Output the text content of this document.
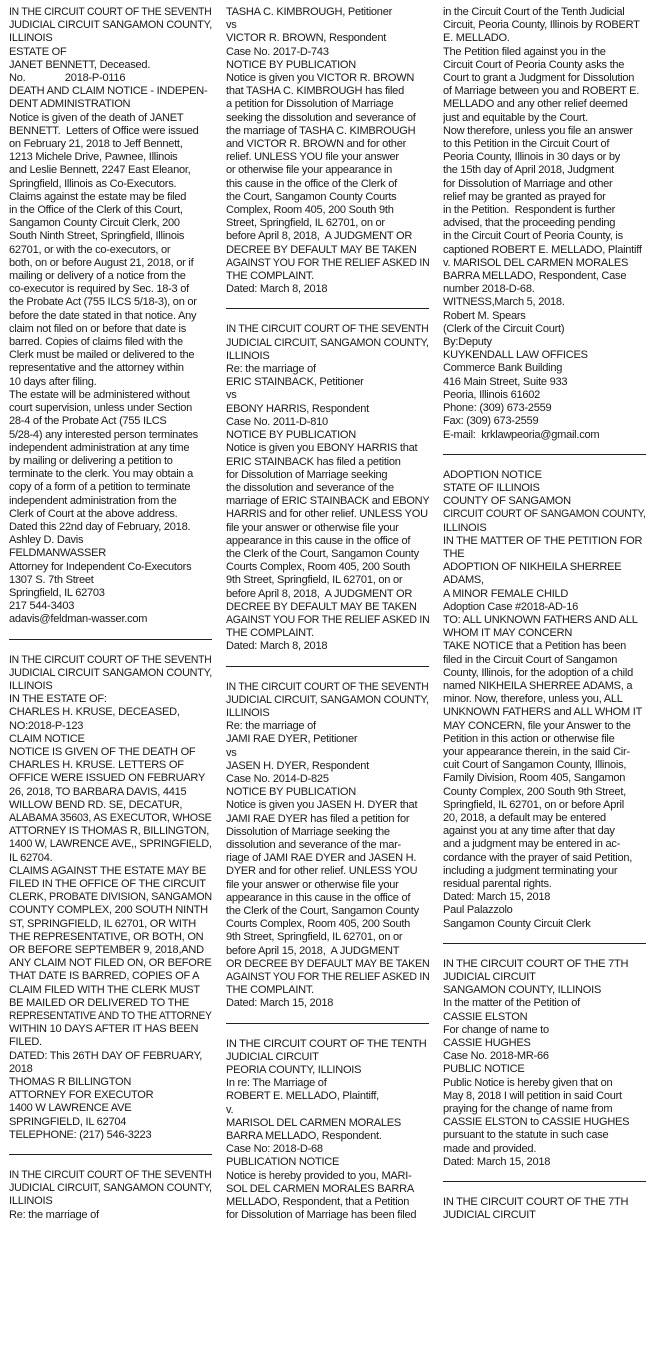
IN THE CIRCUIT COURT OF THE SEVENTH
JUDICIAL CIRCUIT SANGAMON COUNTY,
ILLINOIS
ESTATE OF
JANET BENNETT, Deceased.
No.              2018-P-0116
DEATH AND CLAIM NOTICE - INDEPEN-
DENT ADMINISTRATION
Notice is given of the death of JANET
BENNETT.  Letters of Office were issued
on February 21, 2018 to Jeff Bennett,
1213 Michele Drive, Pawnee, Illinois
and Leslie Bennett, 2247 East Eleanor,
Springfield, Illinois as Co-Executors.
Claims against the estate may be filed
in the Office of the Clerk of this Court,
Sangamon County Circuit Clerk, 200
South Ninth Street, Springfield, Illinois
62701, or with the co-executors, or
both, on or before August 21, 2018, or if
mailing or delivery of a notice from the
co-executor is required by Sec. 18-3 of
the Probate Act (755 ILCS 5/18-3), on or
before the date stated in that notice. Any
claim not filed on or before that date is
barred. Copies of claims filed with the
Clerk must be mailed or delivered to the
representative and the attorney within
10 days after filing.
The estate will be administered without
court supervision, unless under Section
28-4 of the Probate Act (755 ILCS
5/28-4) any interested person terminates
independent administration at any time
by mailing or delivering a petition to
terminate to the clerk. You may obtain a
copy of a form of a petition to terminate
independent administration from the
Clerk of Court at the above address.
Dated this 22nd day of February, 2018.
Ashley D. Davis
FELDMANWASSER
Attorney for Independent Co-Executors
1307 S. 7th Street
Springfield, IL 62703
217 544-3403
adavis@feldman-wasser.com
IN THE CIRCUIT COURT OF THE SEVENTH
JUDICIAL CIRCUIT SANGAMON COUNTY,
ILLINOIS
IN THE ESTATE OF:
CHARLES H. KRUSE, DECEASED,
NO:2018-P-123
CLAIM NOTICE
NOTICE IS GIVEN OF THE DEATH OF
CHARLES H. KRUSE. LETTERS OF
OFFICE WERE ISSUED ON FEBRUARY
26, 2018, TO BARBARA DAVIS, 4415
WILLOW BEND RD. SE, DECATUR,
ALABAMA 35603, AS EXECUTOR, WHOSE
ATTORNEY IS THOMAS R, BILLINGTON,
1400 W, LAWRENCE AVE,, SPRINGFIELD,
IL 62704.
CLAIMS AGAINST THE ESTATE MAY BE
FILED IN THE OFFICE OF THE CIRCUIT
CLERK, PROBATE DIVISION, SANGAMON
COUNTY COMPLEX, 200 SOUTH NINTH
ST, SPRINGFIELD, IL 62701, OR WITH
THE REPRESENTATIVE, OR BOTH, ON
OR BEFORE SEPTEMBER 9, 2018,AND
ANY CLAIM NOT FILED ON, OR BEFORE
THAT DATE IS BARRED, COPIES OF A
CLAIM FILED WITH THE CLERK MUST
BE MAILED OR DELIVERED TO THE
REPRESENTATIVE AND TO THE ATTORNEY
WITHIN 10 DAYS AFTER IT HAS BEEN
FILED.
DATED: This 26TH DAY OF FEBRUARY,
2018
THOMAS R BILLINGTON
ATTORNEY FOR EXECUTOR
1400 W LAWRENCE AVE
SPRINGFIELD, IL 62704
TELEPHONE: (217) 546-3223
IN THE CIRCUIT COURT OF THE SEVENTH
JUDICIAL CIRCUIT, SANGAMON COUNTY,
ILLINOIS
Re: the marriage of
TASHA C. KIMBROUGH, Petitioner
vs
VICTOR R. BROWN, Respondent
Case No. 2017-D-743
NOTICE BY PUBLICATION
Notice is given you VICTOR R. BROWN
that TASHA C. KIMBROUGH has filed
a petition for Dissolution of Marriage
seeking the dissolution and severance of
the marriage of TASHA C. KIMBROUGH
and VICTOR R. BROWN and for other
relief. UNLESS YOU file your answer
or otherwise file your appearance in
this cause in the office of the Clerk of
the Court, Sangamon County Courts
Complex, Room 405, 200 South 9th
Street, Springfield, IL 62701, on or
before April 8, 2018,  A JUDGMENT OR
DECREE BY DEFAULT MAY BE TAKEN
AGAINST YOU FOR THE RELIEF ASKED IN
THE COMPLAINT.
Dated: March 8, 2018
IN THE CIRCUIT COURT OF THE SEVENTH
JUDICIAL CIRCUIT, SANGAMON COUNTY,
ILLINOIS
Re: the marriage of
ERIC STAINBACK, Petitioner
vs
EBONY HARRIS, Respondent
Case No. 2011-D-810
NOTICE BY PUBLICATION
Notice is given you EBONY HARRIS that
ERIC STAINBACK has filed a petition
for Dissolution of Marriage seeking
the dissolution and severance of the
marriage of ERIC STAINBACK and EBONY
HARRIS and for other relief. UNLESS YOU
file your answer or otherwise file your
appearance in this cause in the office of
the Clerk of the Court, Sangamon County
Courts Complex, Room 405, 200 South
9th Street, Springfield, IL 62701, on or
before April 8, 2018,  A JUDGMENT OR
DECREE BY DEFAULT MAY BE TAKEN
AGAINST YOU FOR THE RELIEF ASKED IN
THE COMPLAINT.
Dated: March 8, 2018
IN THE CIRCUIT COURT OF THE SEVENTH
JUDICIAL CIRCUIT, SANGAMON COUNTY,
ILLINOIS
Re: the marriage of
JAMI RAE DYER, Petitioner
vs
JASEN H. DYER, Respondent
Case No. 2014-D-825
NOTICE BY PUBLICATION
Notice is given you JASEN H. DYER that
JAMI RAE DYER has filed a petition for
Dissolution of Marriage seeking the
dissolution and severance of the mar-
riage of JAMI RAE DYER and JASEN H.
DYER and for other relief. UNLESS YOU
file your answer or otherwise file your
appearance in this cause in the office of
the Clerk of the Court, Sangamon County
Courts Complex, Room 405, 200 South
9th Street, Springfield, IL 62701, on or
before April 15, 2018,  A JUDGMENT
OR DECREE BY DEFAULT MAY BE TAKEN
AGAINST YOU FOR THE RELIEF ASKED IN
THE COMPLAINT.
Dated: March 15, 2018
IN THE CIRCUIT COURT OF THE TENTH
JUDICIAL CIRCUIT
PEORIA COUNTY, ILLINOIS
In re: The Marriage of
ROBERT E. MELLADO, Plaintiff,
v.
MARISOL DEL CARMEN MORALES
BARRA MELLADO, Respondent.
Case No: 2018-D-68
PUBLICATION NOTICE
Notice is hereby provided to you, MARI-
SOL DEL CARMEN MORALES BARRA
MELLADO, Respondent, that a Petition
for Dissolution of Marriage has been filed
in the Circuit Court of the Tenth Judicial
Circuit, Peoria County, Illinois by ROBERT
E. MELLADO.
The Petition filed against you in the
Circuit Court of Peoria County asks the
Court to grant a Judgment for Dissolution
of Marriage between you and ROBERT E.
MELLADO and any other relief deemed
just and equitable by the Court.
Now therefore, unless you file an answer
to this Petition in the Circuit Court of
Peoria County, Illinois in 30 days or by
the 15th day of April 2018, Judgment
for Dissolution of Marriage and other
relief may be granted as prayed for
in the Petition.  Respondent is further
advised, that the proceeding pending
in the Circuit Court of Peoria County, is
captioned ROBERT E. MELLADO, Plaintiff
v. MARISOL DEL CARMEN MORALES
BARRA MELLADO, Respondent, Case
number 2018-D-68.
WITNESS,March 5, 2018.
Robert M. Spears
(Clerk of the Circuit Court)
By:Deputy
KUYKENDALL LAW OFFICES
Commerce Bank Building
416 Main Street, Suite 933
Peoria, Illinois 61602
Phone: (309) 673-2559
Fax: (309) 673-2559
E-mail:  krklawpeoria@gmail.com
ADOPTION NOTICE
STATE OF ILLINOIS
COUNTY OF SANGAMON
CIRCUIT COURT OF SANGAMON COUNTY,
ILLINOIS
IN THE MATTER OF THE PETITION FOR
THE
ADOPTION OF NIKHEILA SHERREE
ADAMS,
A MINOR FEMALE CHILD
Adoption Case #2018-AD-16
TO: ALL UNKNOWN FATHERS AND ALL
WHOM IT MAY CONCERN
TAKE NOTICE that a Petition has been
filed in the Circuit Court of Sangamon
County, Illinois, for the adoption of a child
named NIKHEILA SHERREE ADAMS, a
minor. Now, therefore, unless you, ALL
UNKNOWN FATHERS and ALL WHOM IT
MAY CONCERN, file your Answer to the
Petition in this action or otherwise file
your appearance therein, in the said Cir-
cuit Court of Sangamon County, Illinois,
Family Division, Room 405, Sangamon
County Complex, 200 South 9th Street,
Springfield, IL 62701, on or before April
20, 2018, a default may be entered
against you at any time after that day
and a judgment may be entered in ac-
cordance with the prayer of said Petition,
including a judgment terminating your
residual parental rights.
Dated: March 15, 2018
Paul Palazzolo
Sangamon County Circuit Clerk
IN THE CIRCUIT COURT OF THE 7TH
JUDICIAL CIRCUIT
SANGAMON COUNTY, ILLINOIS
In the matter of the Petition of
CASSIE ELSTON
For change of name to
CASSIE HUGHES
Case No. 2018-MR-66
PUBLIC NOTICE
Public Notice is hereby given that on
May 8, 2018 I will petition in said Court
praying for the change of name from
CASSIE ELSTON to CASSIE HUGHES
pursuant to the statute in such case
made and provided.
Dated: March 15, 2018
IN THE CIRCUIT COURT OF THE 7TH
JUDICIAL CIRCUIT
